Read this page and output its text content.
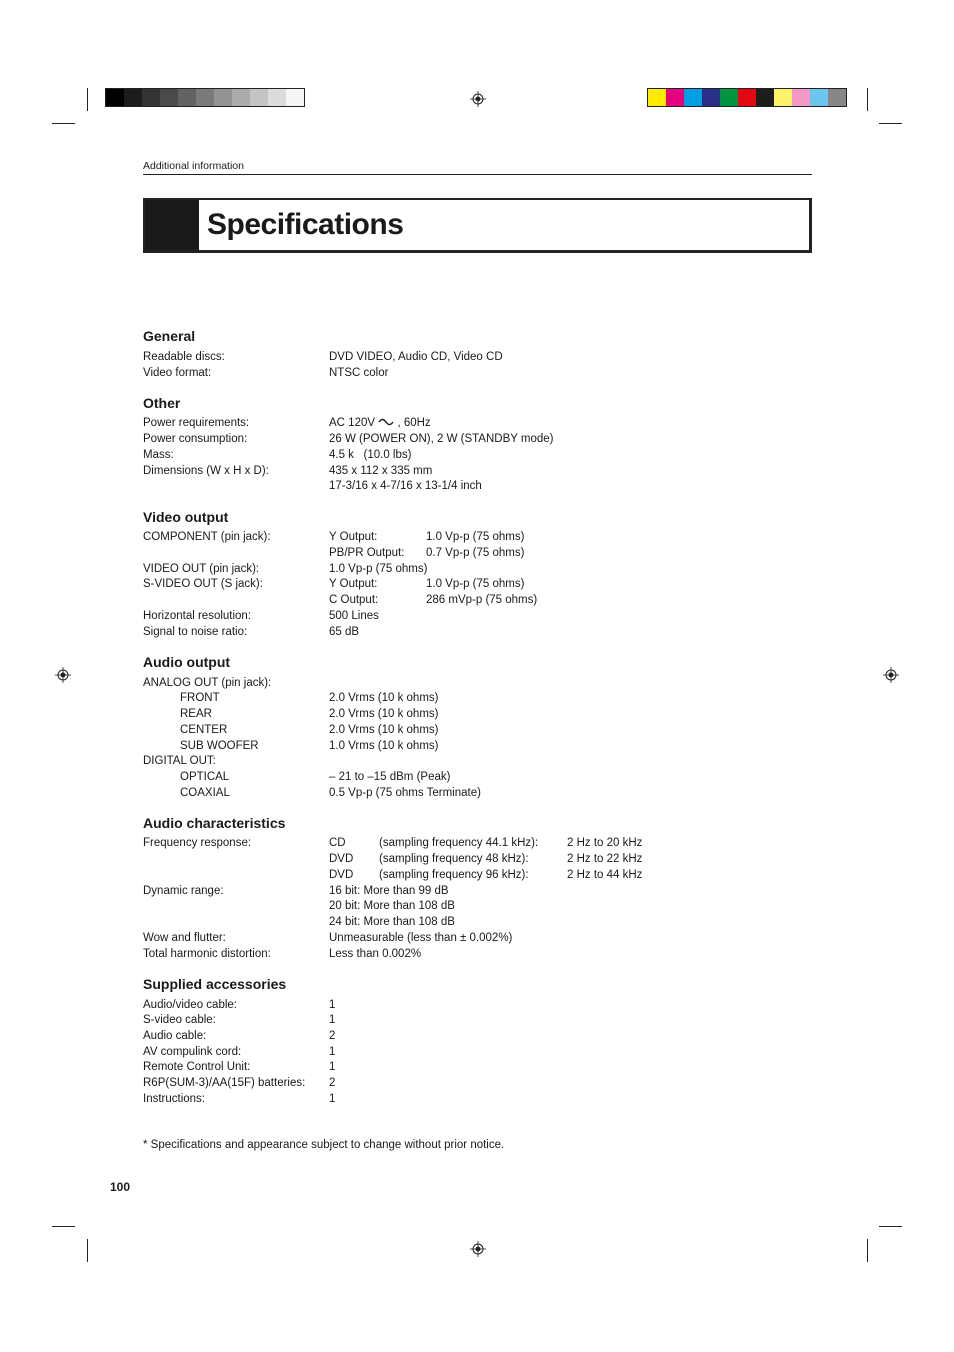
Additional information
Specifications
General
Readable discs:	DVD VIDEO, Audio CD, Video CD
Video format:	NTSC color
Other
Power requirements:	AC 120V , 60Hz
Power consumption:	26 W (POWER ON), 2 W (STANDBY mode)
Mass:	4.5 k   (10.0 lbs)
Dimensions (W x H x D):	435 x 112 x 335 mm
17-3/16 x 4-7/16 x 13-1/4 inch
Video output
COMPONENT (pin jack):	Y Output:	1.0 Vp-p (75 ohms)
PB/PR Output: 0.7 Vp-p (75 ohms)
VIDEO OUT (pin jack):	1.0 Vp-p (75 ohms)
S-VIDEO OUT (S jack):	Y Output:	1.0 Vp-p (75 ohms)
C Output:	286 mVp-p (75 ohms)
Horizontal resolution:	500 Lines
Signal to noise ratio:	65 dB
Audio output
ANALOG OUT (pin jack):
FRONT	2.0 Vrms (10 k ohms)
REAR	2.0 Vrms (10 k ohms)
CENTER	2.0 Vrms (10 k ohms)
SUB WOOFER	1.0 Vrms (10 k ohms)
DIGITAL OUT:
OPTICAL	– 21 to –15 dBm (Peak)
COAXIAL	0.5 Vp-p (75 ohms Terminate)
Audio characteristics
Frequency response:	CD	(sampling frequency 44.1 kHz):	2 Hz to 20 kHz
DVD (sampling frequency 48 kHz):	2 Hz to 22 kHz
DVD (sampling frequency 96 kHz):	2 Hz to 44 kHz
Dynamic range:	16 bit: More than 99 dB
20 bit: More than 108 dB
24 bit: More than 108 dB
Wow and flutter:	Unmeasurable (less than ± 0.002%)
Total harmonic distortion:	Less than 0.002%
Supplied accessories
Audio/video cable:	1
S-video cable:	1
Audio cable:	2
AV compulink cord:	1
Remote Control Unit:	1
R6P(SUM-3)/AA(15F) batteries: 2
Instructions:	1
* Specifications and appearance subject to change without prior notice.
100
